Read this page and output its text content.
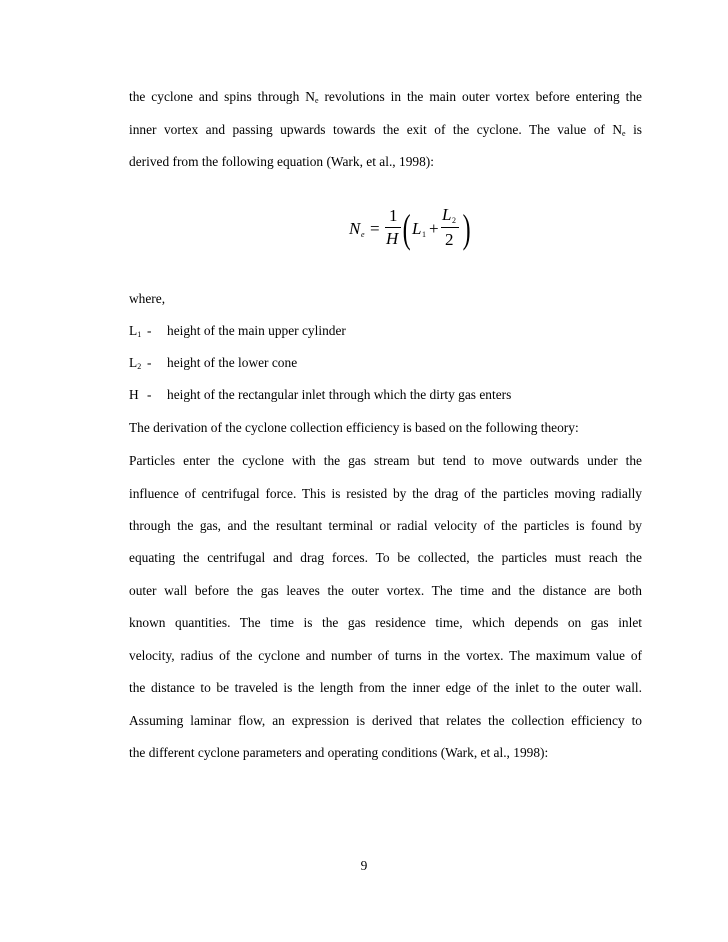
the cyclone and spins through $N_e$ revolutions in the main outer vortex before entering the
inner vortex and passing upwards towards the exit of the cyclone. The value of $N_e$ is
derived from the following equation (Wark, et al., 1998):
N e =
1
H ( L 1 +
L 2
2 )
where,
$L_1$ - height of the main upper cylinder
$L_2$ - height of the lower cone
H - height of the rectangular inlet through which the dirty gas enters
The derivation of the cyclone collection efficiency is based on the following theory:
Particles enter the cyclone with the gas stream but tend to move outwards under the
influence of centrifugal force. This is resisted by the drag of the particles moving radially
through the gas, and the resultant terminal or radial velocity of the particles is found by
equating the centrifugal and drag forces. To be collected, the particles must reach the
outer wall before the gas leaves the outer vortex. The time and the distance are both
known quantities. The time is the gas residence time, which depends on gas inlet
velocity, radius of the cyclone and number of turns in the vortex. The maximum value of
the distance to be traveled is the length from the inner edge of the inlet to the outer wall.
Assuming laminar flow, an expression is derived that relates the collection efficiency to
the different cyclone parameters and operating conditions (Wark, et al., 1998):
9
